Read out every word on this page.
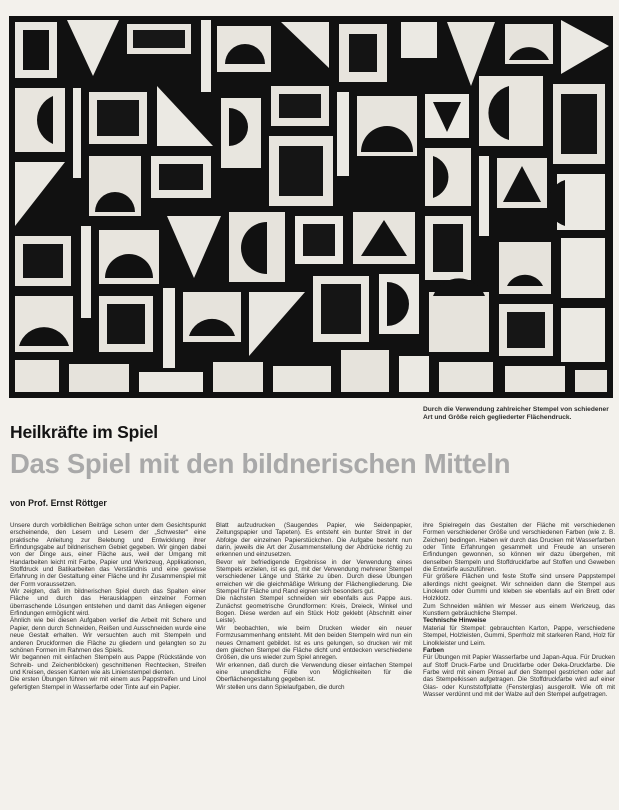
Durch die Verwendung zahlreicher Stempel von schiedener Art und Größe reich gegliederter Flächendruck.
Heilkräfte im Spiel
Das Spiel mit den bildnerischen Mitteln

von Prof. Ernst Röttger

Unsere durch vorbildlichen Beiträge schon unter dem Gesichtspunkt erscheinende, den Lesern und Lesern der „Schwester“ eine praktische Anleitung zur Belebung und Entwicklung ihrer Erfindungsgabe auf bildnerischem Gebiet gegeben. Wir gingen dabei von der Dinge aus, einer Fläche aus, weil der Umgang mit Handarbeiten leicht mit Farbe, Papier und Werkzeug, Applikationen, Stoffdruck und Batikarbeiten das Verständnis und eine gewisse Erfahrung in der Gestaltung einer Fläche und ihr Zusammenspiel mit der Form voraussetzen.

Wir zeigten, daß im bildnerischen Spiel durch das Spalten einer Fläche und durch das Herausklappen einzelner Formen überraschende Lösungen entstehen und damit das Anliegen eigener Erfindungen ermöglicht wird.

Ähnlich wie bei diesen Aufgaben verlief die Arbeit mit Schere und Papier, denn durch Schneiden, Reißen und Ausschneiden wurde eine neue Gestalt erhalten. Wir versuchten auch mit Stempeln und anderen Druckformen die Fläche zu gliedern und gelangten so zu schönen Formen im Rahmen des Spiels.

Wir begannen mit einfachen Stempeln aus Pappe (Rückstände von Schreib- und Zeichenblöcken) geschnittenen Rechtecken, Streifen und Kreisen, dessen Kanten wie als Linienstempel dienten.

Die ersten Übungen führen wir mit einem aus Pappstreifen und Linol gefertigten Stempel in Wasserfarbe oder Tinte auf ein Papier.

Blatt aufzudrucken (Saugendes Papier, wie Seidenpapier, Zeitungspapier und Tapeten). Es entsteht ein bunter Streit in der Abfolge der einzelnen Papierstückchen. Die Aufgabe besteht nun darin, jeweils die Art der Zusammenstellung der Abdrücke richtig zu erkennen und einzusetzen.

Bevor wir befriedigende Ergebnisse in der Verwendung eines Stempels erzielen, ist es gut, mit der Verwendung mehrerer Stempel verschiedener Länge und Stärke zu üben. Durch diese Übungen erreichen wir die gleichmäßige Wirkung der Flächengliederung. Die Stempel für Fläche und Rand eignen sich besonders gut.

Die nächsten Stempel schneiden wir ebenfalls aus Pappe aus. Zunächst geometrische Grundformen: Kreis, Dreieck, Winkel und Bogen. Diese werden auf ein Stück Holz geklebt (Abschnitt einer Leiste).

Wir beobachten, wie beim Drucken wieder ein neuer Formzusammenhang entsteht. Mit den beiden Stempeln wird nun ein neues Ornament gebildet. Ist es uns gelungen, so drucken wir mit dem gleichen Stempel die Fläche dicht und entdecken verschiedene Größen, die uns wieder zum Spiel anregen.

Wir erkennen, daß durch die Verwendung dieser einfachen Stempel eine unendliche Fülle von Möglichkeiten für die Oberflächengestaltung gegeben ist.

Wir stellen uns dann Spielaufgaben, die durch

ihre Spielregeln das Gestalten der Fläche mit verschiedenen Formen verschiedener Größe und verschiedenen Farben (wie z. B. Zeichen) bedingen. Haben wir durch das Drucken mit Wasserfarben oder Tinte Erfahrungen gesammelt und Freude an unseren Erfindungen gewonnen, so können wir dazu übergehen, mit denselben Stempeln und Stoffdruckfarbe auf Stoffen und Geweben die Entwürfe auszuführen.

Für größere Flächen und feste Stoffe sind unsere Pappstempel allerdings nicht geeignet. Wir schneiden dann die Stempel aus Linoleum oder Gummi und kleben sie ebenfalls auf ein Brett oder Holzklotz.

Zum Schneiden wählen wir Messer aus einem Werkzeug, das Kunstlern gebräuchliche Stempel.

Technische Hinweise

Material für Stempel: gebrauchten Karton, Pappe, verschiedene Stempel, Holzleisten, Gummi, Sperrholz mit starkeren Rand, Holz für Linolkleister und Leim.

Farben

Für Übungen mit Papier Wasserfarbe und Japan-Aqua. Für Drucken auf Stoff Druck-Farbe und Druckfarbe oder Deka-Druckfarbe. Die Farbe wird mit einem Pinsel auf den Stempel gestrichen oder auf das Stempelkissen aufgetragen. Die Stoffdruckfarbe wird auf einer Glas- oder Kunststoffplatte (Fensterglas) ausgerollt. Wie oft mit Wasser verdünnt und mit der Walze auf den Stempel aufgetragen.
